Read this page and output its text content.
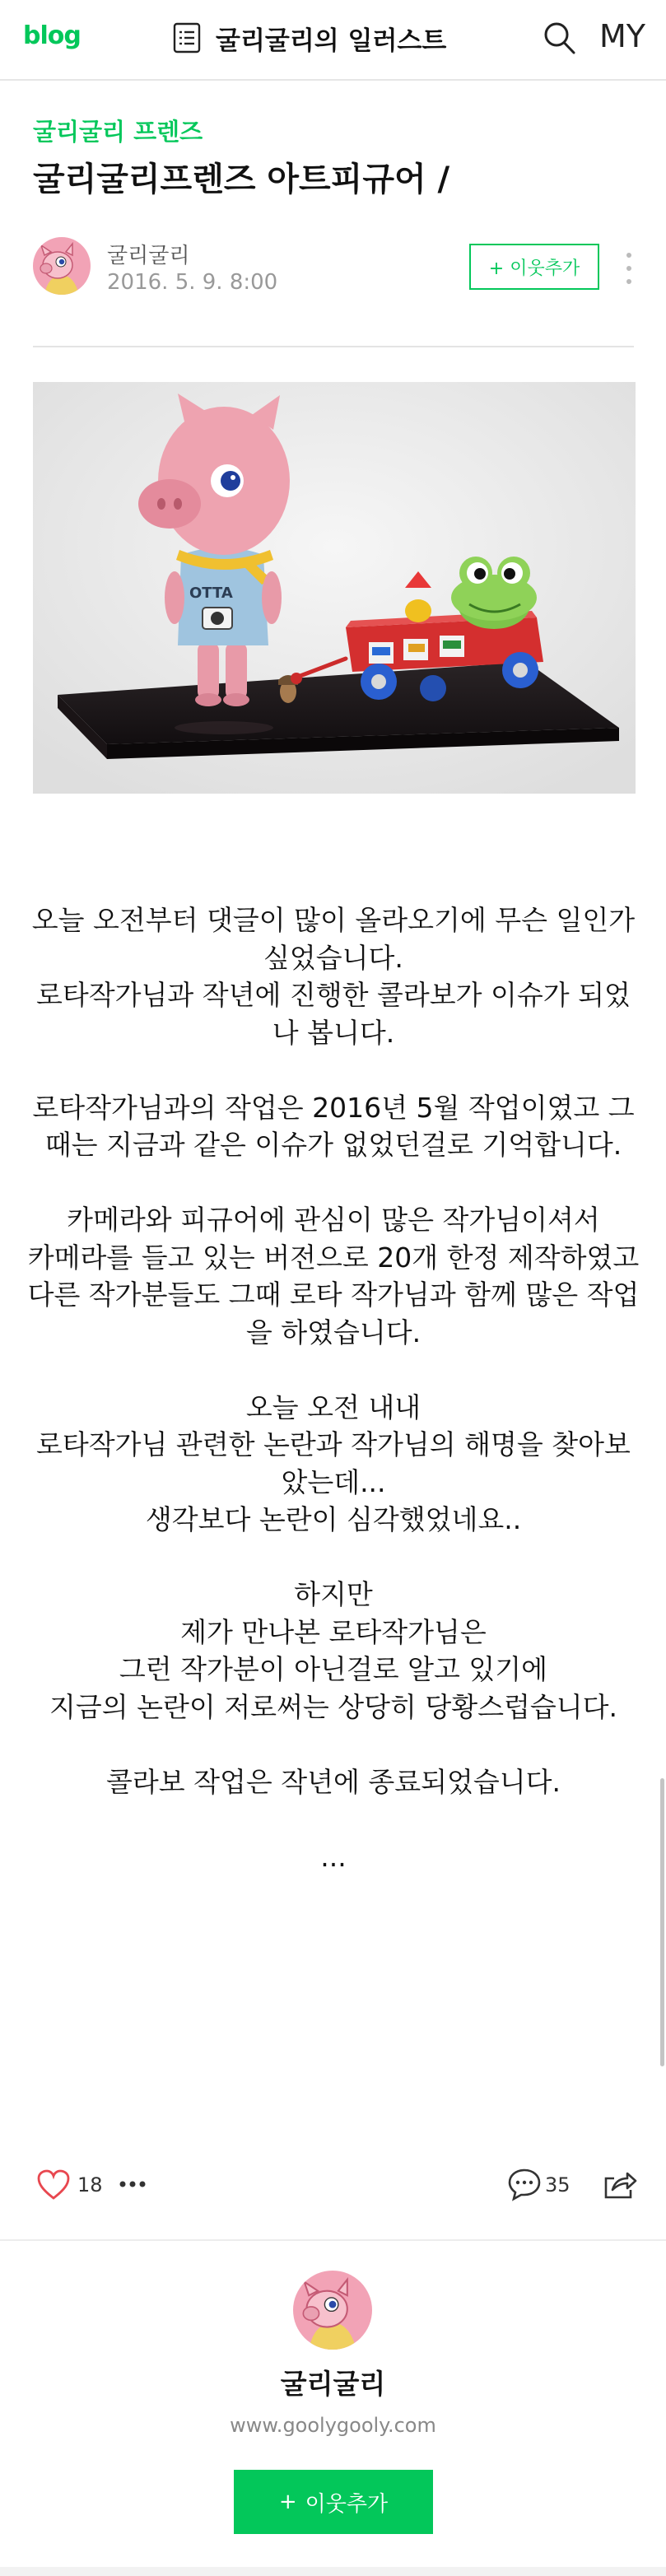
blog	굴리굴리의 일러스트	MY
굴리굴리 프렌즈
굴리굴리프렌즈 아트피규어 /
굴리굴리
2016. 5. 9. 8:00
+ 이웃추가
OTTA

오늘 오전부터 댓글이 많이 올라오기에 무슨 일인가 싶었습니다.

로타작가님과 작년에 진행한 콜라보가 이슈가 되었나 봅니다.

로타작가님과의 작업은 2016년 5월 작업이였고 그때는 지금과 같은 이슈가 없었던걸로 기억합니다.

카메라와 피규어에 관심이 많은 작가님이셔서

카메라를 들고 있는 버전으로 20개 한정 제작하였고

다른 작가분들도 그때 로타 작가님과 함께 많은 작업을 하였습니다.

오늘 오전 내내

로타작가님 관련한 논란과 작가님의 해명을 찾아보았는데...

생각보다 논란이 심각했었네요..

하지만

제가 만나본 로타작가님은

그런 작가분이 아닌걸로 알고 있기에

지금의 논란이 저로써는 상당히 당황스럽습니다.

콜라보 작업은 작년에 종료되었습니다.

...

18	35
굴리굴리
www.goolygooly.com
+ 이웃추가
